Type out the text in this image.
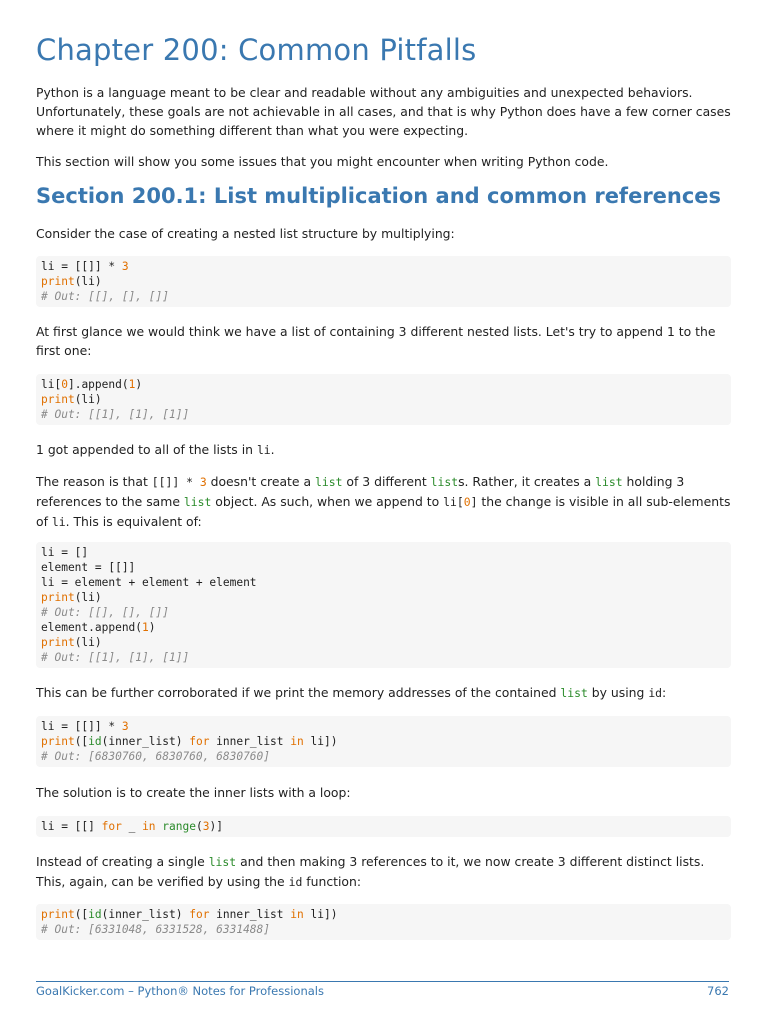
Chapter 200: Common Pitfalls

Python is a language meant to be clear and readable without any ambiguities and unexpected behaviors. Unfortunately, these goals are not achievable in all cases, and that is why Python does have a few corner cases where it might do something different than what you were expecting.

This section will show you some issues that you might encounter when writing Python code.

Section 200.1: List multiplication and common references

Consider the case of creating a nested list structure by multiplying:

li = [[]] * 3
print(li)
# Out: [[], [], []]

At first glance we would think we have a list of containing 3 different nested lists. Let's try to append 1 to the first one:

li[0].append(1)
print(li)
# Out: [[1], [1], [1]]

1 got appended to all of the lists in li.

The reason is that [[]] * 3 doesn't create a list of 3 different lists. Rather, it creates a list holding 3 references to the same list object. As such, when we append to li[0] the change is visible in all sub-elements of li. This is equivalent of:

li = []
element = [[]]
li = element + element + element
print(li)
# Out: [[], [], []]
element.append(1)
print(li)
# Out: [[1], [1], [1]]

This can be further corroborated if we print the memory addresses of the contained list by using id:

li = [[]] * 3
print([id(inner_list) for inner_list in li])
# Out: [6830760, 6830760, 6830760]

The solution is to create the inner lists with a loop:

li = [[] for _ in range(3)]

Instead of creating a single list and then making 3 references to it, we now create 3 different distinct lists. This, again, can be verified by using the id function:

print([id(inner_list) for inner_list in li])
# Out: [6331048, 6331528, 6331488]
GoalKicker.com – Python® Notes for Professionals	762
